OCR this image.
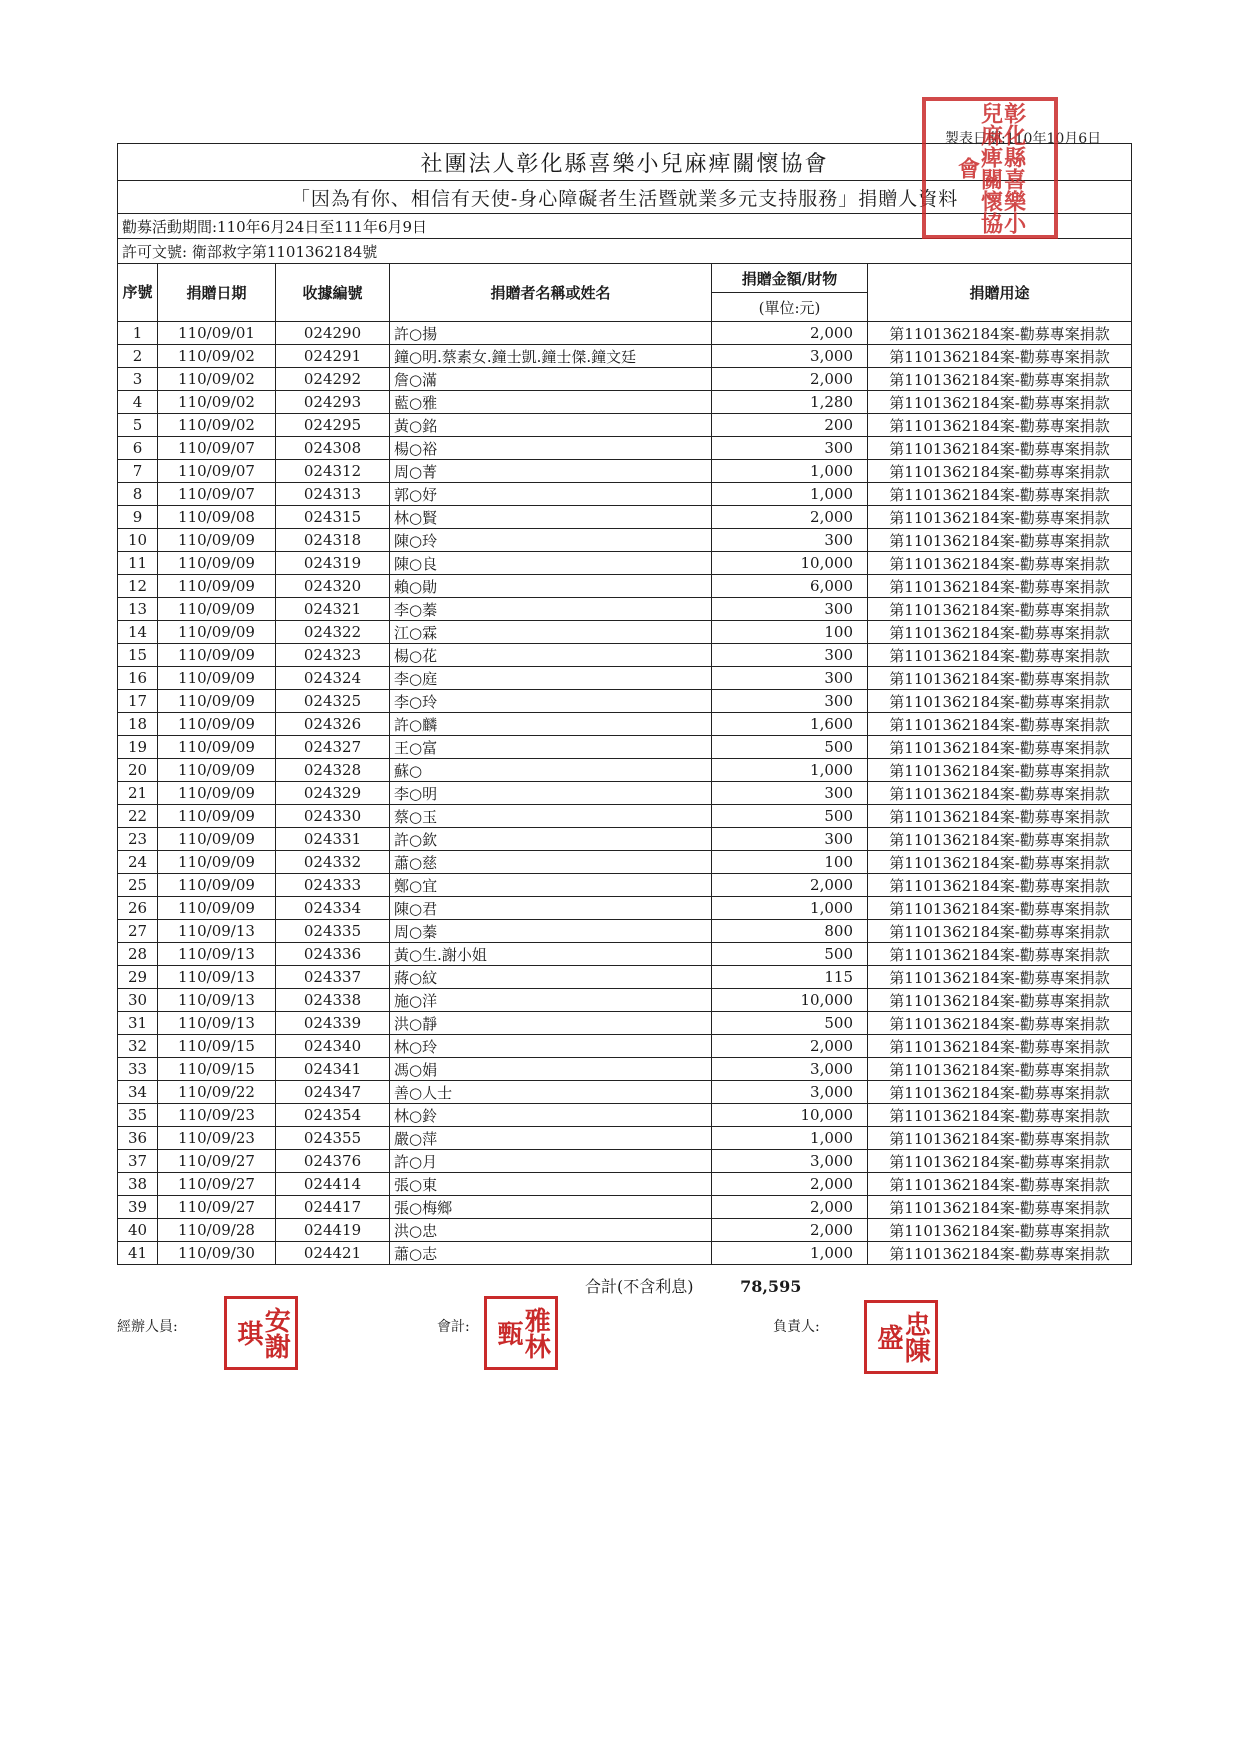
製表日期:110年10月6日
社團法人彰化縣喜樂小兒麻痺關懷協會					
「因為有你、相信有天使-身心障礙者生活暨就業多元支持服務」捐贈人資料					
勸募活動期間:110年6月24日至111年6月9日					
許可文號: 衛部救字第1101362184號					
序號	捐贈日期	收據編號	捐贈者名稱或姓名	捐贈金額/財物	捐贈用途
				(單位:元)	
1	110/09/01	024290	許○揚	2,000	第1101362184案-勸募專案捐款
2	110/09/02	024291	鐘○明.蔡素女.鐘士凱.鐘士傑.鐘文廷	3,000	第1101362184案-勸募專案捐款
3	110/09/02	024292	詹○滿	2,000	第1101362184案-勸募專案捐款
4	110/09/02	024293	藍○雅	1,280	第1101362184案-勸募專案捐款
5	110/09/02	024295	黃○銘	200	第1101362184案-勸募專案捐款
6	110/09/07	024308	楊○裕	300	第1101362184案-勸募專案捐款
7	110/09/07	024312	周○菁	1,000	第1101362184案-勸募專案捐款
8	110/09/07	024313	郭○妤	1,000	第1101362184案-勸募專案捐款
9	110/09/08	024315	林○賢	2,000	第1101362184案-勸募專案捐款
10	110/09/09	024318	陳○玲	300	第1101362184案-勸募專案捐款
11	110/09/09	024319	陳○良	10,000	第1101362184案-勸募專案捐款
12	110/09/09	024320	賴○勛	6,000	第1101362184案-勸募專案捐款
13	110/09/09	024321	李○蓁	300	第1101362184案-勸募專案捐款
14	110/09/09	024322	江○霖	100	第1101362184案-勸募專案捐款
15	110/09/09	024323	楊○花	300	第1101362184案-勸募專案捐款
16	110/09/09	024324	李○庭	300	第1101362184案-勸募專案捐款
17	110/09/09	024325	李○玲	300	第1101362184案-勸募專案捐款
18	110/09/09	024326	許○麟	1,600	第1101362184案-勸募專案捐款
19	110/09/09	024327	王○富	500	第1101362184案-勸募專案捐款
20	110/09/09	024328	蘇○	1,000	第1101362184案-勸募專案捐款
21	110/09/09	024329	李○明	300	第1101362184案-勸募專案捐款
22	110/09/09	024330	蔡○玉	500	第1101362184案-勸募專案捐款
23	110/09/09	024331	許○欽	300	第1101362184案-勸募專案捐款
24	110/09/09	024332	蕭○慈	100	第1101362184案-勸募專案捐款
25	110/09/09	024333	鄭○宜	2,000	第1101362184案-勸募專案捐款
26	110/09/09	024334	陳○君	1,000	第1101362184案-勸募專案捐款
27	110/09/13	024335	周○蓁	800	第1101362184案-勸募專案捐款
28	110/09/13	024336	黃○生.謝小姐	500	第1101362184案-勸募專案捐款
29	110/09/13	024337	蔣○紋	115	第1101362184案-勸募專案捐款
30	110/09/13	024338	施○洋	10,000	第1101362184案-勸募專案捐款
31	110/09/13	024339	洪○靜	500	第1101362184案-勸募專案捐款
32	110/09/15	024340	林○玲	2,000	第1101362184案-勸募專案捐款
33	110/09/15	024341	馮○娟	3,000	第1101362184案-勸募專案捐款
34	110/09/22	024347	善○人士	3,000	第1101362184案-勸募專案捐款
35	110/09/23	024354	林○鈴	10,000	第1101362184案-勸募專案捐款
36	110/09/23	024355	嚴○萍	1,000	第1101362184案-勸募專案捐款
37	110/09/27	024376	許○月	3,000	第1101362184案-勸募專案捐款
38	110/09/27	024414	張○東	2,000	第1101362184案-勸募專案捐款
39	110/09/27	024417	張○梅鄉	2,000	第1101362184案-勸募專案捐款
40	110/09/28	024419	洪○忠	2,000	第1101362184案-勸募專案捐款
41	110/09/30	024421	蕭○志	1,000	第1101362184案-勸募專案捐款
合計(不含利息)	78,595
彰化縣喜樂小兒麻痺關懷協會
經辦人員:	安謝琪	會計:	雅林甄	負責人:	忠陳盛
